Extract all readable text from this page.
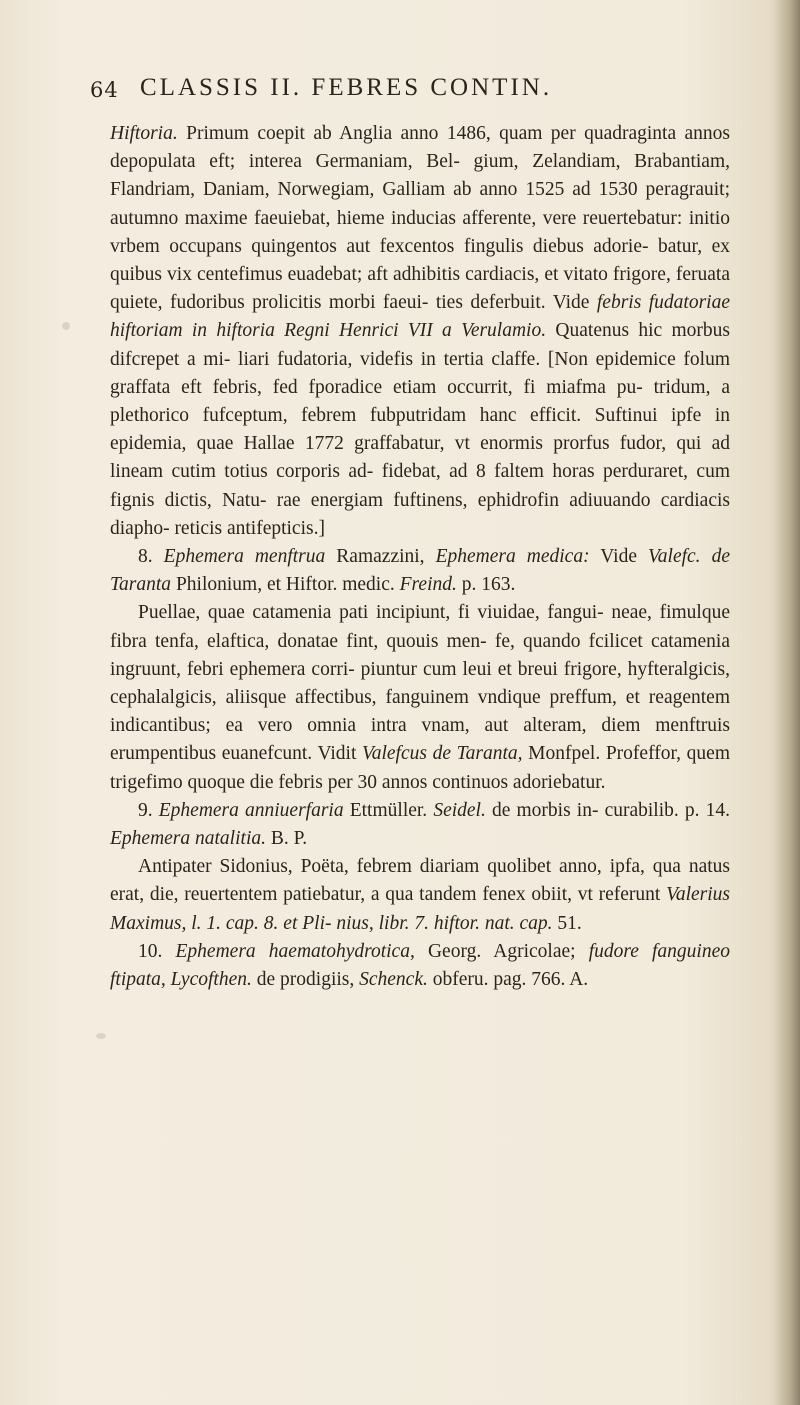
64 CLASSIS II. FEBRES CONTIN.

Hiftoria. Primum coepit ab Anglia anno 1486, quam per quadraginta annos depopulata eft; interea Germaniam, Bel- gium, Zelandiam, Brabantiam, Flandriam, Daniam, Norwegiam, Galliam ab anno 1525 ad 1530 peragrauit; autumno maxime faeuiebat, hieme inducias afferente, vere reuertebatur: initio vrbem occupans quingentos aut fexcentos fingulis diebus adorie- batur, ex quibus vix centefimus euadebat; aft adhibitis cardiacis, et vitato frigore, feruata quiete, fudoribus prolicitis morbi faeui- ties deferbuit. Vide febris fudatoriae hiftoriam in hiftoria Regni Henrici VII a Verulamio. Quatenus hic morbus difcrepet a mi- liari fudatoria, videfis in tertia claffe. [Non epidemice folum graffata eft febris, fed fporadice etiam occurrit, fi miafma pu- tridum, a plethorico fufceptum, febrem fubputridam hanc efficit. Suftinui ipfe in epidemia, quae Hallae 1772 graffabatur, vt enormis prorfus fudor, qui ad lineam cutim totius corporis ad- fidebat, ad 8 faltem horas perduraret, cum fignis dictis, Natu- rae energiam fuftinens, ephidrofin adiuuando cardiacis diapho- reticis antifepticis.]

8. Ephemera menftrua Ramazzini, Ephemera medica: Vide Valefc. de Taranta Philonium, et Hiftor. medic. Freind. p. 163.

Puellae, quae catamenia pati incipiunt, fi viuidae, fangui- neae, fimulque fibra tenfa, elaftica, donatae fint, quouis men- fe, quando fcilicet catamenia ingruunt, febri ephemera corri- piuntur cum leui et breui frigore, hyfteralgicis, cephalalgicis, aliisque affectibus, fanguinem vndique preffum, et reagentem indicantibus; ea vero omnia intra vnam, aut alteram, diem menftruis erumpentibus euanefcunt. Vidit Valefcus de Taranta, Monfpel. Profeffor, quem trigefimo quoque die febris per 30 annos continuos adoriebatur.

9. Ephemera anniuerfaria Ettmüller. Seidel. de morbis in- curabilib. p. 14. Ephemera natalitia. B. P.

Antipater Sidonius, Poëta, febrem diariam quolibet anno, ipfa, qua natus erat, die, reuertentem patiebatur, a qua tandem fenex obiit, vt referunt Valerius Maximus, l. 1. cap. 8. et Pli- nius, libr. 7. hiftor. nat. cap. 51.

10. Ephemera haematohydrotica, Georg. Agricolae; fudore fanguineo ftipata, Lycofthen. de prodigiis, Schenck. obferu. pag. 766. A.
